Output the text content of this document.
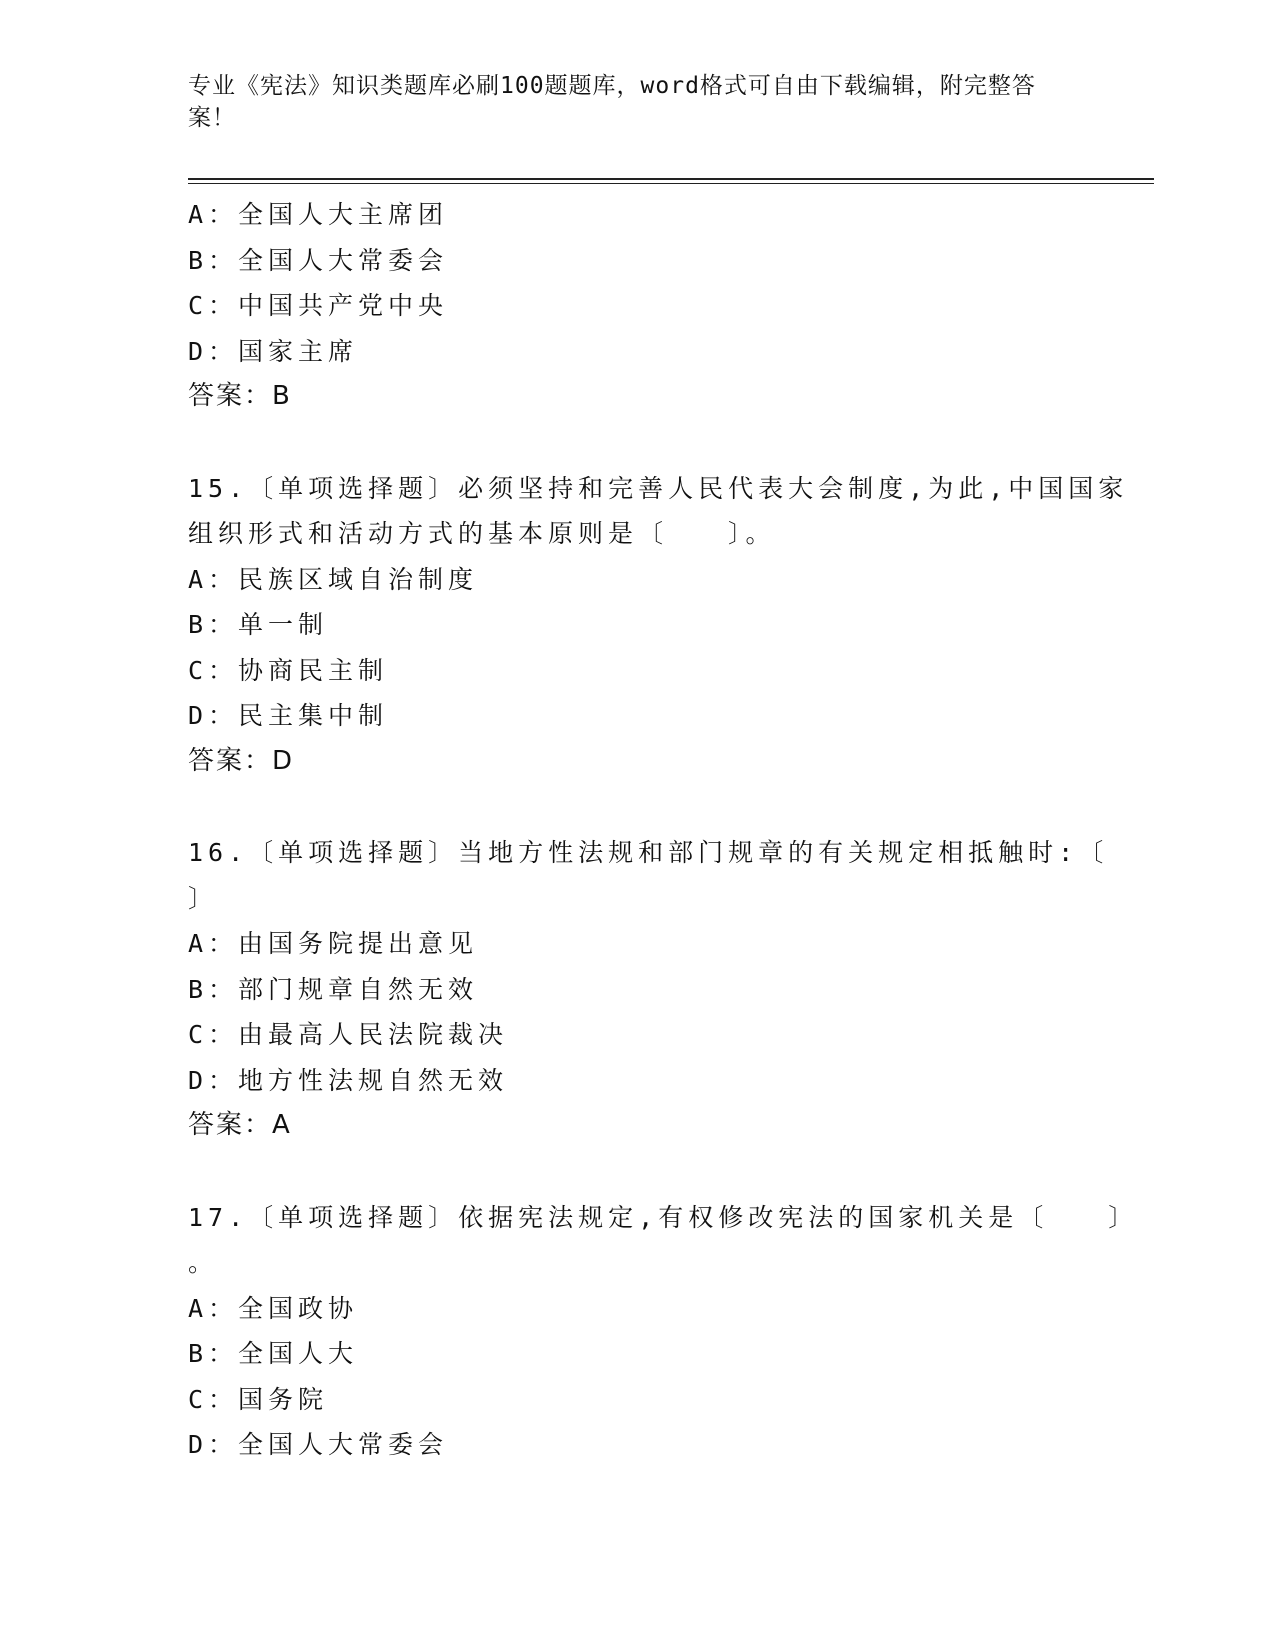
专业《宪法》知识类题库必刷100题题库，word格式可自由下载编辑，附完整答案！
A：全国人大主席团
B：全国人大常委会
C：中国共产党中央
D：国家主席
答案：B
15.〔单项选择题〕必须坚持和完善人民代表大会制度,为此,中国国家
组织形式和活动方式的基本原则是〔　　〕。
A：民族区域自治制度
B：单一制
C：协商民主制
D：民主集中制
答案：D
16.〔单项选择题〕当地方性法规和部门规章的有关规定相抵触时:〔
〕
A：由国务院提出意见
B：部门规章自然无效
C：由最高人民法院裁决
D：地方性法规自然无效
答案：A
17.〔单项选择题〕依据宪法规定,有权修改宪法的国家机关是〔　　〕
。
A：全国政协
B：全国人大
C：国务院
D：全国人大常委会
